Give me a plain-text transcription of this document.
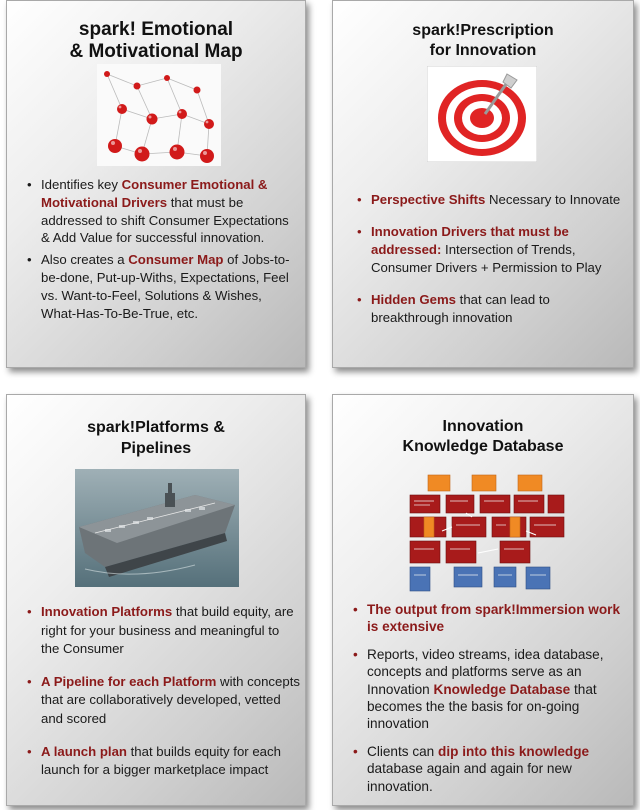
spark! Emotional
& Motivational Map
• Identifies key Consumer Emotional & Motivational Drivers that must be addressed to shift Consumer Expectations & Add Value for successful innovation.
• Also creates a Consumer Map of Jobs-to-be-done, Put-up-Withs, Expectations, Feel vs. Want-to-Feel, Solutions & Wishes, What-Has-To-Be-True, etc.
spark!Prescription
for Innovation
• Perspective Shifts Necessary to Innovate
• Innovation Drivers that must be addressed: Intersection of Trends, Consumer Drivers + Permission to Play
• Hidden Gems that can lead to breakthrough innovation
spark!Platforms &
Pipelines
• Innovation Platforms that build equity, are right for your business and meaningful to the Consumer
• A Pipeline for each Platform with concepts that are collaboratively developed, vetted and scored
• A launch plan that builds equity for each launch for a bigger marketplace impact
Innovation
Knowledge Database
• The output from spark!Immersion work is extensive
• Reports, video streams, idea database, concepts and platforms serve as an Innovation Knowledge Database that becomes the the basis for on-going innovation
• Clients can dip into this knowledge database again and again for new innovation.
